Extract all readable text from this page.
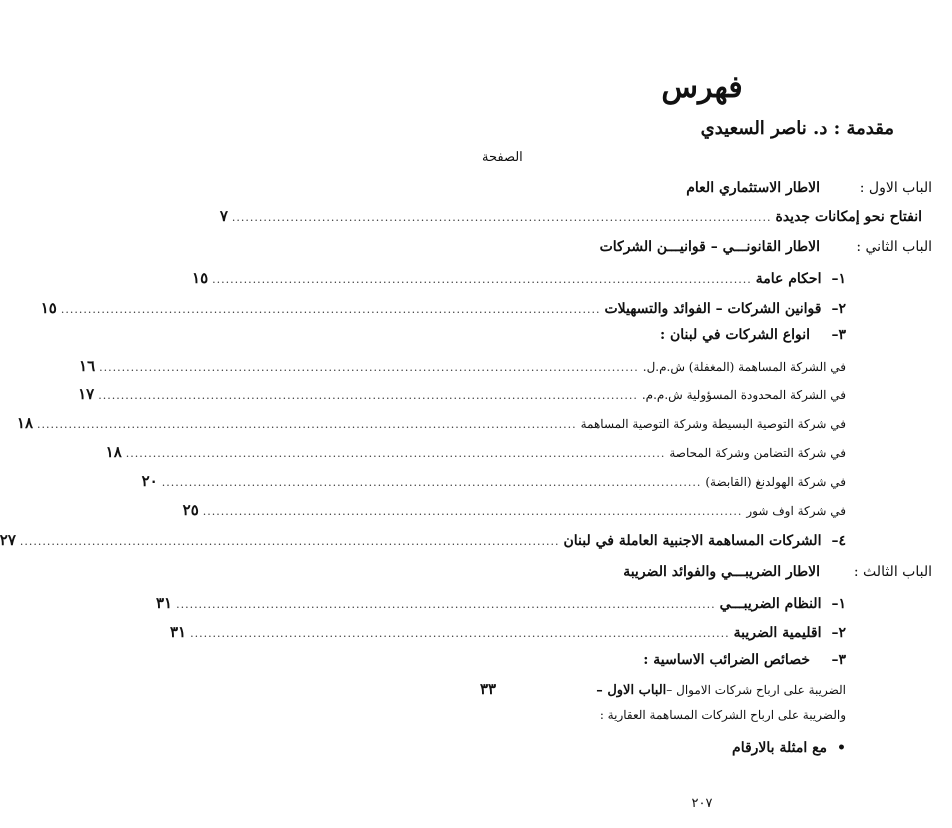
فهرس
مقدمة : د. ناصر السعيدي
الصفحة
الباب الاول :
الاطار الاستثماري العام
انفتاح نحو إمكانات جديدة
........................................................................................................................
٧
الباب الثاني :
الاطار القانونـــي – قوانيـــن الشركات
١–
احكام عامة
........................................................................................................................
١٥
٢–
قوانين الشركات – الفوائد والتسهيلات
........................................................................................................................
١٥
٣–
انواع الشركات في لبنان :
في الشركة المساهمة (المغفلة) ش.م.ل.
........................................................................................................................
١٦
في الشركة المحدودة المسؤولية ش.م.م.
........................................................................................................................
١٧
في شركة التوصية البسيطة وشركة التوصية المساهمة
........................................................................................................................
١٨
في شركة التضامن وشركة المحاصة
........................................................................................................................
١٨
في شركة الهولدنغ (القابضة)
........................................................................................................................
٢٠
في شركة اوف شور
........................................................................................................................
٢٥
٤–
الشركات المساهمة الاجنبية العاملة في لبنان
........................................................................................................................
٢٧
الباب الثالث :
الاطار الضريبـــي والفوائد الضريبة
١–
النظام الضريبـــي
........................................................................................................................
٣١
٢–
اقليمية الضريبة
........................................................................................................................
٣١
٣–
خصائص الضرائب الاساسية :
الضريبة على ارباح شركات الاموال –
الباب الاول –
٣٣
والضريبة على ارباح الشركات المساهمة العقارية :
•
مع امثلة بالارقام
٢٠٧
